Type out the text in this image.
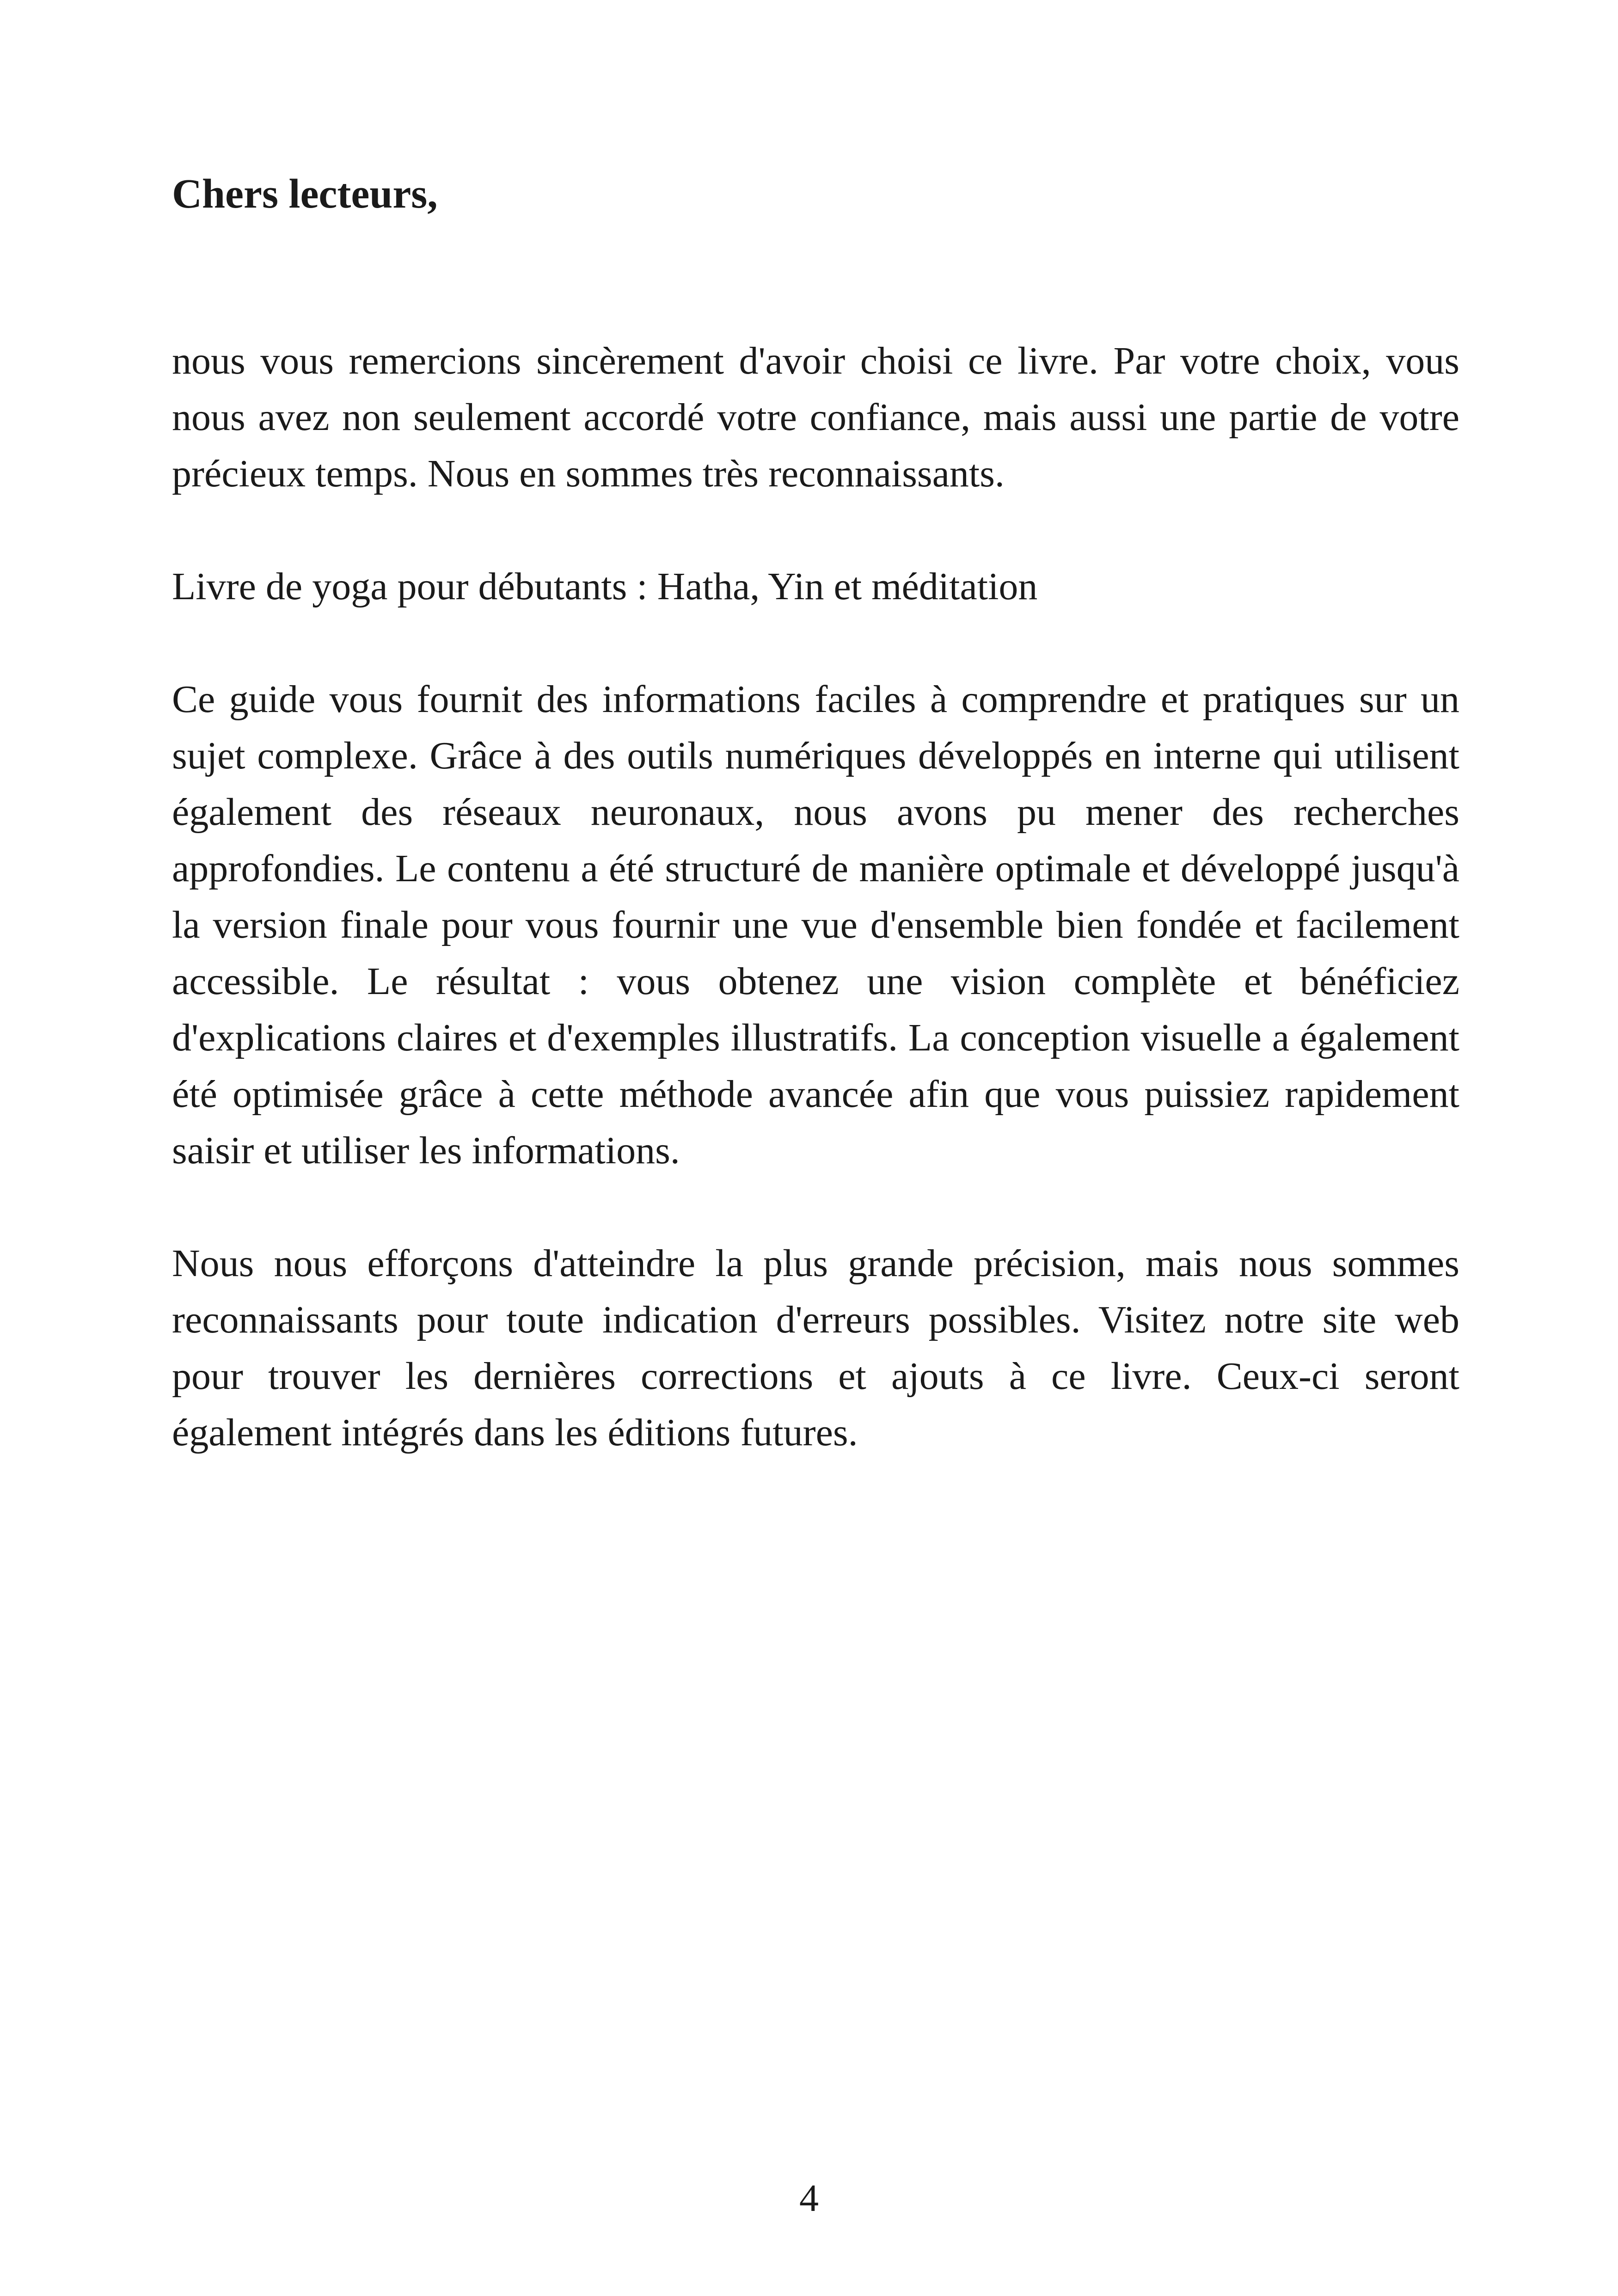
Chers lecteurs,

nous vous remercions sincèrement d'avoir choisi ce livre. Par votre choix, vous nous avez non seulement accordé votre confiance, mais aussi une partie de votre précieux temps. Nous en sommes très reconnaissants.

Livre de yoga pour débutants : Hatha, Yin et méditation

Ce guide vous fournit des informations faciles à comprendre et pratiques sur un sujet complexe. Grâce à des outils numériques développés en interne qui utilisent également des réseaux neuronaux, nous avons pu mener des recherches approfondies. Le contenu a été structuré de manière optimale et développé jusqu'à la version finale pour vous fournir une vue d'ensemble bien fondée et facilement accessible. Le résultat : vous obtenez une vision complète et bénéficiez d'explications claires et d'exemples illustratifs. La conception visuelle a également été optimisée grâce à cette méthode avancée afin que vous puissiez rapidement saisir et utiliser les informations.

Nous nous efforçons d'atteindre la plus grande précision, mais nous sommes reconnaissants pour toute indication d'erreurs possibles. Visitez notre site web pour trouver les dernières corrections et ajouts à ce livre. Ceux-ci seront également intégrés dans les éditions futures.

4
